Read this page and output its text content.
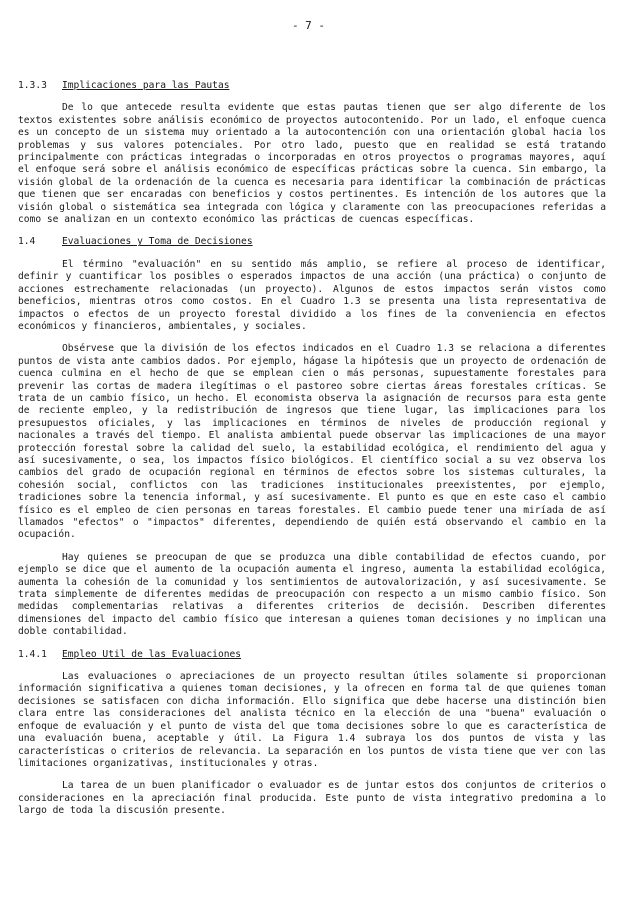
- 7 -
1.3.3	Implicaciones para las Pautas

De lo que antecede resulta evidente que estas pautas tienen que ser algo diferente de los textos existentes sobre análisis económico de proyectos autocontenido. Por un lado, el enfoque cuenca es un concepto de un sistema muy orientado a la autocontención con una orientación global hacia los problemas y sus valores potenciales. Por otro lado, puesto que en realidad se está tratando principalmente con prácticas integradas o incorporadas en otros proyectos o programas mayores, aquí el enfoque será sobre el análisis económico de específicas prácticas sobre la cuenca. Sin embargo, la visión global de la ordenación de la cuenca es necesaria para identificar la combinación de prácticas que tienen que ser encaradas con beneficios y costos pertinentes. Es intención de los autores que la visión global o sistemática sea integrada con lógica y claramente con las preocupaciones referidas a como se analizan en un contexto económico las prácticas de cuencas específicas.

1.4	Evaluaciones y Toma de Decisiones

El término "evaluación" en su sentido más amplio, se refiere al proceso de identificar, definir y cuantificar los posibles o esperados impactos de una acción (una práctica) o conjunto de acciones estrechamente relacionadas (un proyecto). Algunos de estos impactos serán vistos como beneficios, mientras otros como costos. En el Cuadro 1.3 se presenta una lista representativa de impactos o efectos de un proyecto forestal dividido a los fines de la conveniencia en efectos económicos y financieros, ambientales, y sociales.

Obsérvese que la división de los efectos indicados en el Cuadro 1.3 se relaciona a diferentes puntos de vista ante cambios dados. Por ejemplo, hágase la hipótesis que un proyecto de ordenación de cuenca culmina en el hecho de que se emplean cien o más personas, supuestamente forestales para prevenir las cortas de madera ilegítimas o el pastoreo sobre ciertas áreas forestales críticas. Se trata de un cambio físico, un hecho. El economista observa la asignación de recursos para esta gente de reciente empleo, y la redistribución de ingresos que tiene lugar, las implicaciones para los presupuestos oficiales, y las implicaciones en términos de niveles de producción regional y nacionales a través del tiempo. El analista ambiental puede observar las implicaciones de una mayor protección forestal sobre la calidad del suelo, la estabilidad ecológica, el rendimiento del agua y así sucesivamente, o sea, los impactos físico biológicos. El científico social a su vez observa los cambios del grado de ocupación regional en términos de efectos sobre los sistemas culturales, la cohesión social, conflictos con las tradiciones institucionales preexistentes, por ejemplo, tradiciones sobre la tenencia informal, y así sucesivamente. El punto es que en este caso el cambio físico es el empleo de cien personas en tareas forestales. El cambio puede tener una miríada de así llamados "efectos" o "impactos" diferentes, dependiendo de quién está observando el cambio en la ocupación.

Hay quienes se preocupan de que se produzca una dible contabilidad de efectos cuando, por ejemplo se dice que el aumento de la ocupación aumenta el ingreso, aumenta la estabilidad ecológica, aumenta la cohesión de la comunidad y los sentimientos de autovalorización, y así sucesivamente. Se trata simplemente de diferentes medidas de preocupación con respecto a un mismo cambio físico. Son medidas complementarias relativas a diferentes criterios de decisión. Describen diferentes dimensiones del impacto del cambio físico que interesan a quienes toman decisiones y no implican una doble contabilidad.

1.4.1	Empleo Util de las Evaluaciones

Las evaluaciones o apreciaciones de un proyecto resultan útiles solamente si proporcionan información significativa a quienes toman decisiones, y la ofrecen en forma tal de que quienes toman decisiones se satisfacen con dicha información. Ello significa que debe hacerse una distinción bien clara entre las consideraciones del analista técnico en la elección de una "buena" evaluación o enfoque de evaluación y el punto de vista del que toma decisiones sobre lo que es característica de una evaluación buena, aceptable y útil. La Figura 1.4 subraya los dos puntos de vista y las características o criterios de relevancia. La separación en los puntos de vista tiene que ver con las limitaciones organizativas, institucionales y otras.

La tarea de un buen planificador o evaluador es de juntar estos dos conjuntos de criterios o consideraciones en la apreciación final producida. Este punto de vista integrativo predomina a lo largo de toda la discusión presente.
